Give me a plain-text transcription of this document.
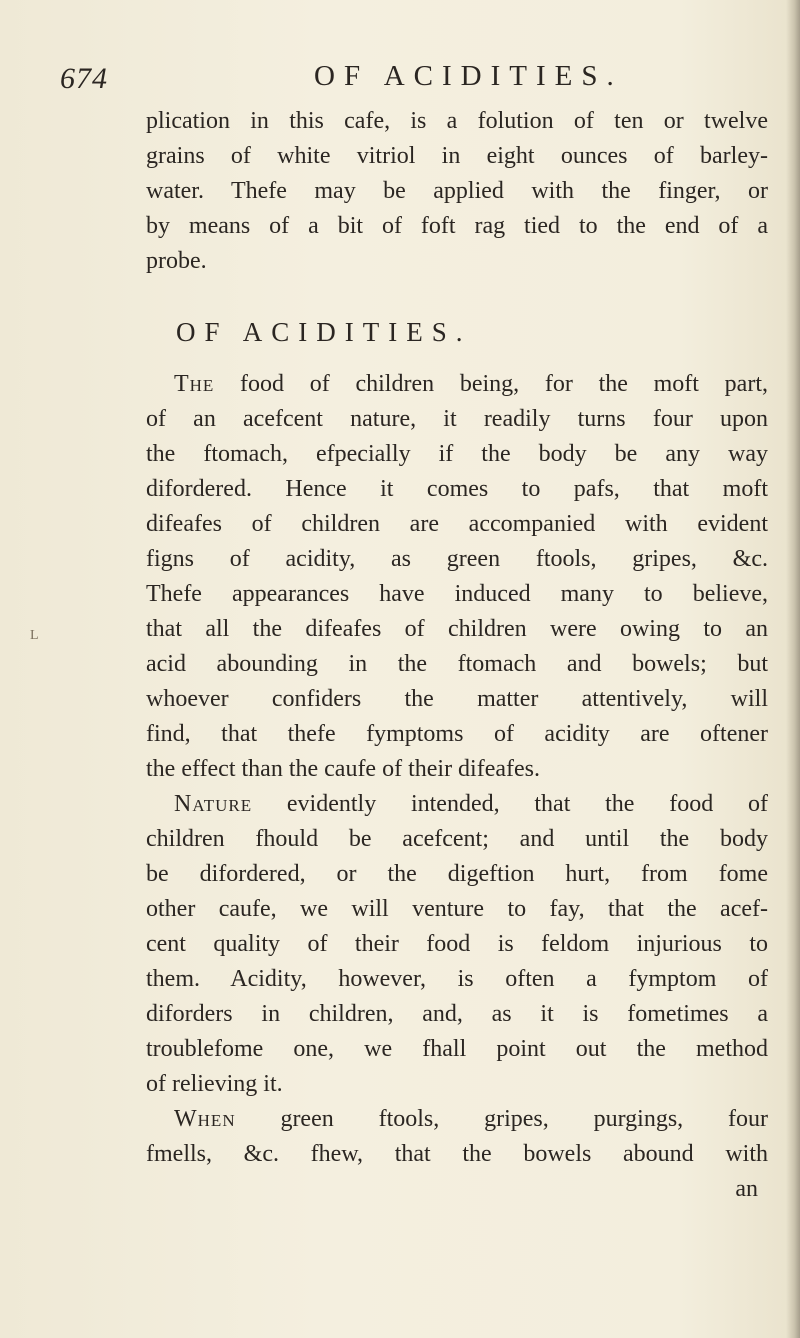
674	OF ACIDITIES.
L
plication in this cafe, is a folution of ten or twelve
grains of white vitriol in eight ounces of barley-
water. Thefe may be applied with the finger, or
by means of a bit of foft rag tied to the end of a
probe.
OF ACIDITIES.
The food of children being, for the moft part,
of an acefcent nature, it readily turns four upon
the ftomach, efpecially if the body be any way
difordered. Hence it comes to pafs, that moft
difeafes of children are accompanied with evident
figns of acidity, as green ftools, gripes, &c.
Thefe appearances have induced many to believe,
that all the difeafes of children were owing to an
acid abounding in the ftomach and bowels; but
whoever confiders the matter attentively, will
find, that thefe fymptoms of acidity are oftener
the effect than the caufe of their difeafes.
Nature evidently intended, that the food of
children fhould be acefcent; and until the body
be difordered, or the digeftion hurt, from fome
other caufe, we will venture to fay, that the acef-
cent quality of their food is feldom injurious to
them. Acidity, however, is often a fymptom of
diforders in children, and, as it is fometimes a
troublefome one, we fhall point out the method
of relieving it.
When green ftools, gripes, purgings, four
fmells, &c. fhew, that the bowels abound with
an
